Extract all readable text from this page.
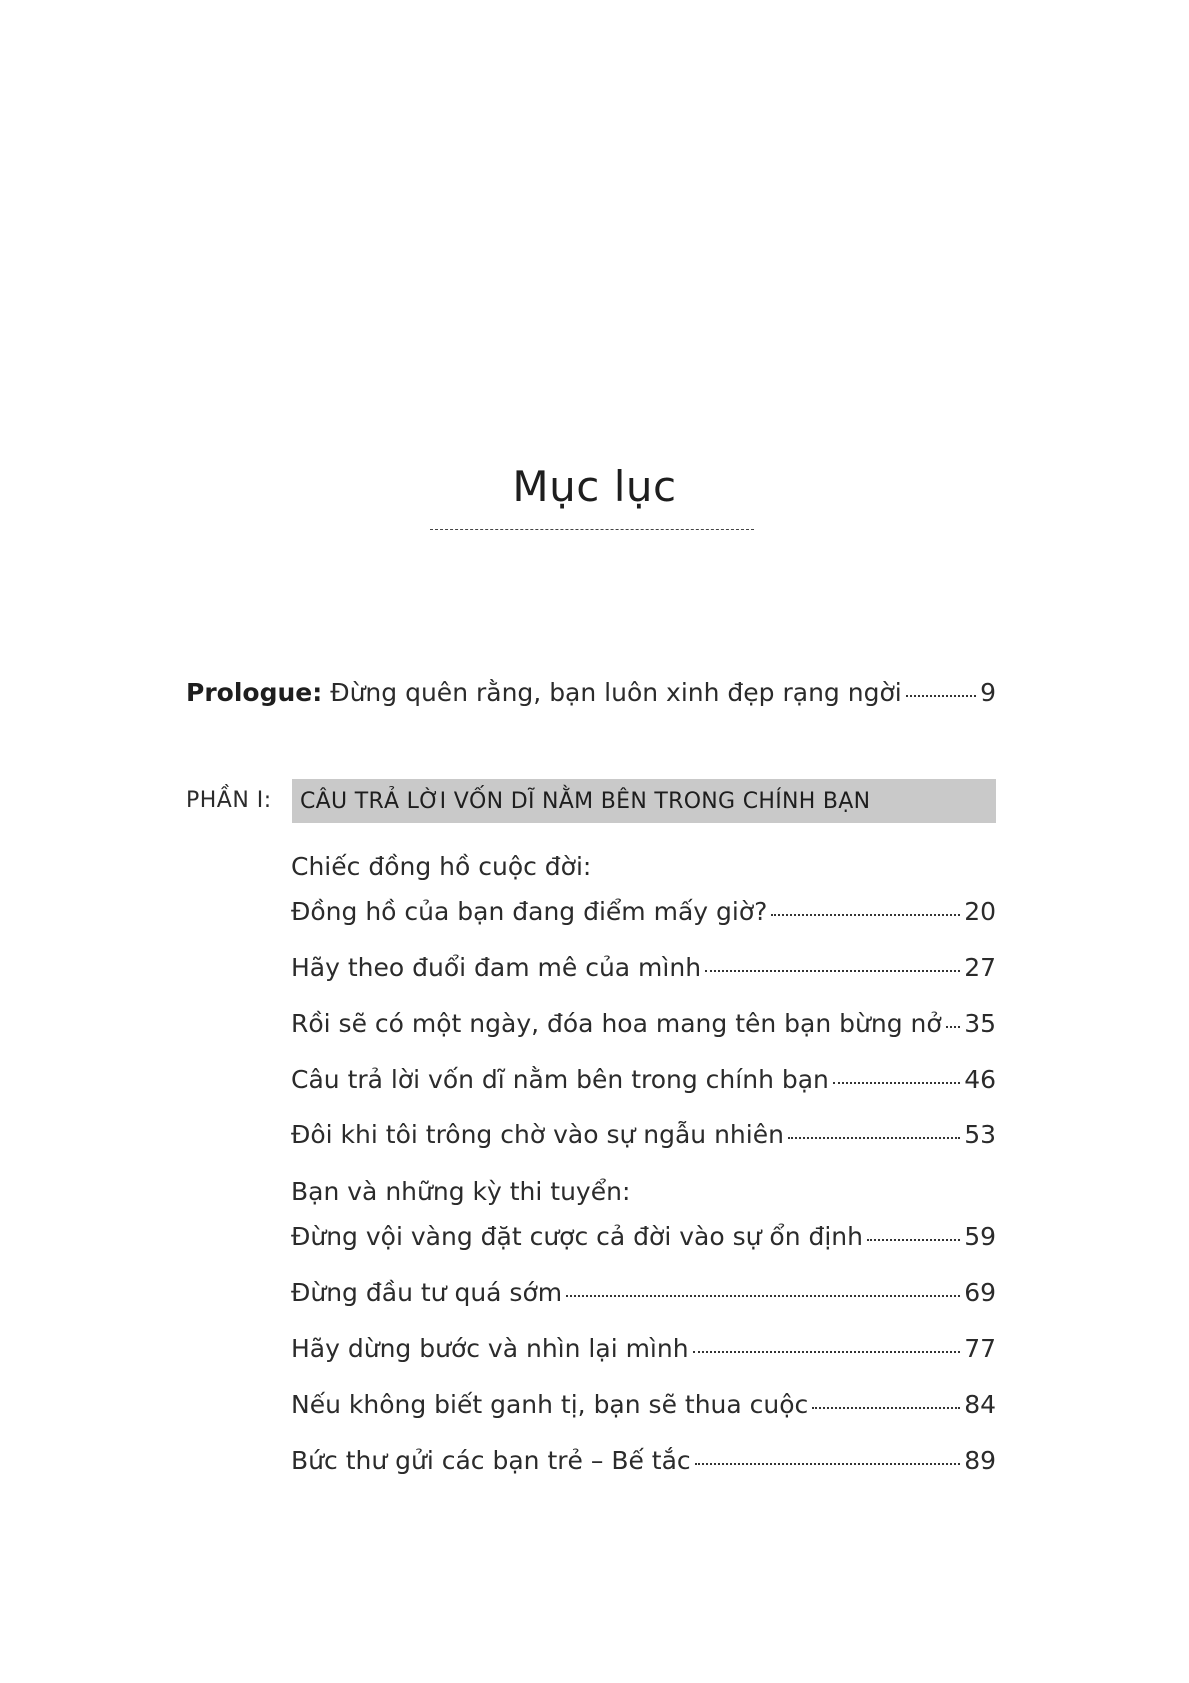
Mục lục
Prologue: Đừng quên rằng, bạn luôn xinh đẹp rạng ngời	9
PHẦN I: CÂU TRẢ LỜI VỐN DĨ NẰM BÊN TRONG CHÍNH BẠN
Chiếc đồng hồ cuộc đời:
Đồng hồ của bạn đang điểm mấy giờ?	20
Hãy theo đuổi đam mê của mình	27
Rồi sẽ có một ngày, đóa hoa mang tên bạn bừng nở 35
Câu trả lời vốn dĩ nằm bên trong chính bạn	46
Đôi khi tôi trông chờ vào sự ngẫu nhiên	53
Bạn và những kỳ thi tuyển:
Đừng vội vàng đặt cược cả đời vào sự ổn định	59
Đừng đầu tư quá sớm	69
Hãy dừng bước và nhìn lại mình	77
Nếu không biết ganh tị, bạn sẽ thua cuộc	84
Bức thư gửi các bạn trẻ – Bế tắc	89
